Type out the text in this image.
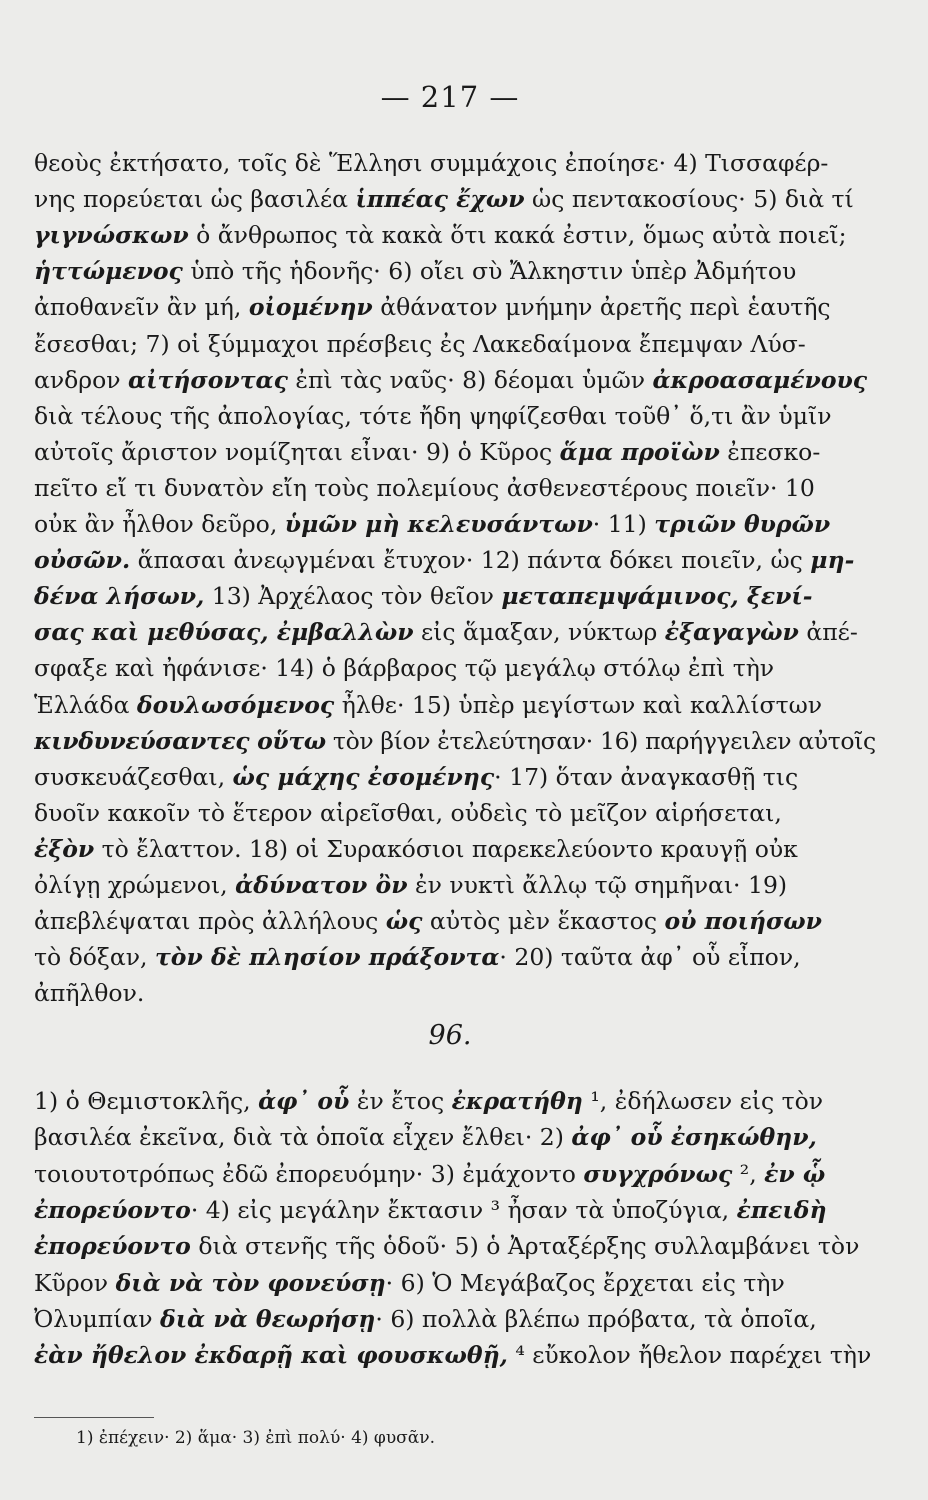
— 217 —
θεοὺς ἐκτήσατο, τοῖς δὲ Ἕλλησι συμμάχοις ἐποίησε· 4) Τισσαφέρ-
νης πορεύεται ὡς βασιλέα ἱππέας ἔχων ὡς πεντακοσίους· 5) διὰ τί
γιγνώσκων ὁ ἄνθρωπος τὰ κακὰ ὅτι κακά ἐστιν, ὅμως αὐτὰ ποιεῖ;
ἡττώμενος ὑπὸ τῆς ἡδονῆς· 6) οἴει σὺ Ἄλκηστιν ὑπὲρ Ἀδμήτου
ἀποθανεῖν ἂν μή, οἰομένην ἀθάνατον μνήμην ἀρετῆς περὶ ἑαυτῆς
ἔσεσθαι; 7) οἱ ξύμμαχοι πρέσβεις ἐς Λακεδαίμονα ἔπεμψαν Λύσ-
ανδρον αἰτήσοντας ἐπὶ τὰς ναῦς· 8) δέομαι ὑμῶν ἀκροασαμένους
διὰ τέλους τῆς ἀπολογίας, τότε ἤδη ψηφίζεσθαι τοῦθ᾽ ὅ,τι ἂν ὑμῖν
αὐτοῖς ἄριστον νομίζηται εἶναι· 9) ὁ Κῦρος ἅμα προϊὼν ἐπεσκο-
πεῖτο εἴ τι δυνατὸν εἴη τοὺς πολεμίους ἀσθενεστέρους ποιεῖν· 10
οὐκ ἂν ἦλθον δεῦρο, ὑμῶν μὴ κελευσάντων· 11) τριῶν θυρῶν
οὐσῶν. ἅπασαι ἀνεῳγμέναι ἔτυχον· 12) πάντα δόκει ποιεῖν, ὡς μη-
δένα λήσων, 13) Ἀρχέλαος τὸν θεῖον μεταπεμψάμινος, ξενί-
σας καὶ μεθύσας, ἐμβαλλὼν εἰς ἅμαξαν, νύκτωρ ἐξαγαγὼν ἀπέ-
σφαξε καὶ ἠφάνισε· 14) ὁ βάρβαρος τῷ μεγάλῳ στόλῳ ἐπὶ τὴν
Ἑλλάδα δουλωσόμενος ἦλθε· 15) ὑπὲρ μεγίστων καὶ καλλίστων
κινδυνεύσαντες οὕτω τὸν βίον ἐτελεύτησαν· 16) παρήγγειλεν αὐτοῖς
συσκευάζεσθαι, ὡς μάχης ἐσομένης· 17) ὅταν ἀναγκασθῇ τις
δυοῖν κακοῖν τὸ ἕτερον αἱρεῖσθαι, οὐδεὶς τὸ μεῖζον αἱρήσεται,
ἐξὸν τὸ ἔλαττον. 18) οἱ Συρακόσιοι παρεκελεύοντο κραυγῇ οὐκ
ὀλίγῃ χρώμενοι, ἀδύνατον ὂν ἐν νυκτὶ ἄλλῳ τῷ σημῆναι· 19)
ἀπεβλέψαται πρὸς ἀλλήλους ὡς αὐτὸς μὲν ἕκαστος οὐ ποιήσων
τὸ δόξαν, τὸν δὲ πλησίον πράξοντα· 20) ταῦτα ἀφ᾽ οὗ εἶπον,
ἀπῆλθον.
96.
1) ὁ Θεμιστοκλῆς, ἀφ᾽ οὗ ἐν ἔτος ἐκρατήθη ¹, ἐδήλωσεν εἰς τὸν
βασιλέα ἐκεῖνα, διὰ τὰ ὁποῖα εἶχεν ἔλθει· 2) ἀφ᾽ οὗ ἐσηκώθην,
τοιουτοτρόπως ἐδῶ ἐπορευόμην· 3) ἐμάχοντο συγχρόνως ², ἐν ᾧ
ἐπορεύοντο· 4) εἰς μεγάλην ἔκτασιν ³ ἦσαν τὰ ὑποζύγια, ἐπειδὴ
ἐπορεύοντο διὰ στενῆς τῆς ὁδοῦ· 5) ὁ Ἀρταξέρξης συλλαμβάνει τὸν
Κῦρον διὰ νὰ τὸν φονεύσῃ· 6) Ὁ Μεγάβαζος ἔρχεται εἰς τὴν
Ὀλυμπίαν διὰ νὰ θεωρήσῃ· 6) πολλὰ βλέπω πρόβατα, τὰ ὁποῖα,
ἐὰν ἤθελον ἐκδαρῇ καὶ φουσκωθῇ, ⁴ εὔκολον ἤθελον παρέχει τὴν
1) ἐπέχειν· 2) ἅμα· 3) ἐπὶ πολύ· 4) φυσᾶν.
